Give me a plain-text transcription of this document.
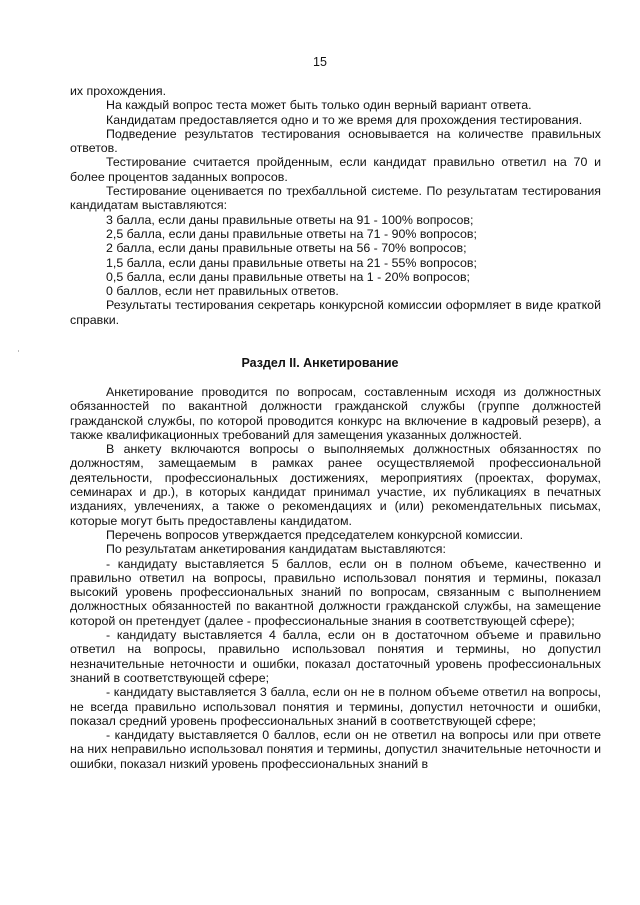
15

их прохождения.

На каждый вопрос теста может быть только один верный вариант ответа.

Кандидатам предоставляется одно и то же время для прохождения тестирования.

Подведение результатов тестирования основывается на количестве правильных ответов.

Тестирование считается пройденным, если кандидат правильно ответил на 70 и более процентов заданных вопросов.

Тестирование оценивается по трехбалльной системе. По результатам тестирования кандидатам выставляются:

3 балла, если даны правильные ответы на 91 - 100% вопросов;

2,5 балла, если даны правильные ответы на 71 - 90% вопросов;

2 балла, если даны правильные ответы на 56 - 70% вопросов;

1,5 балла, если даны правильные ответы на 21 - 55% вопросов;

0,5 балла, если даны правильные ответы на 1 - 20% вопросов;

0 баллов, если нет правильных ответов.

Результаты тестирования секретарь конкурсной комиссии оформляет в виде краткой справки.

Раздел II. Анкетирование

Анкетирование проводится по вопросам, составленным исходя из должностных обязанностей по вакантной должности гражданской службы (группе должностей гражданской службы, по которой проводится конкурс на включение в кадровый резерв), а также квалификационных требований для замещения указанных должностей.

В анкету включаются вопросы о выполняемых должностных обязанностях по должностям, замещаемым в рамках ранее осуществляемой профессиональной деятельности, профессиональных достижениях, мероприятиях (проектах, форумах, семинарах и др.), в которых кандидат принимал участие, их публикациях в печатных изданиях, увлечениях, а также о рекомендациях и (или) рекомендательных письмах, которые могут быть предоставлены кандидатом.

Перечень вопросов утверждается председателем конкурсной комиссии.

По результатам анкетирования кандидатам выставляются:

- кандидату выставляется 5 баллов, если он в полном объеме, качественно и правильно ответил на вопросы, правильно использовал понятия и термины, показал высокий уровень профессиональных знаний по вопросам, связанным с выполнением должностных обязанностей по вакантной должности гражданской службы, на замещение которой он претендует (далее - профессиональные знания в соответствующей сфере);

- кандидату выставляется 4 балла, если он в достаточном объеме и правильно ответил на вопросы, правильно использовал понятия и термины, но допустил незначительные неточности и ошибки, показал достаточный уровень профессиональных знаний в соответствующей сфере;

- кандидату выставляется 3 балла, если он не в полном объеме ответил на вопросы, не всегда правильно использовал понятия и термины, допустил неточности и ошибки, показал средний уровень профессиональных знаний в соответствующей сфере;

- кандидату выставляется 0 баллов, если он не ответил на вопросы или при ответе на них неправильно использовал понятия и термины, допустил значительные неточности и ошибки, показал низкий уровень профессиональных знаний в
